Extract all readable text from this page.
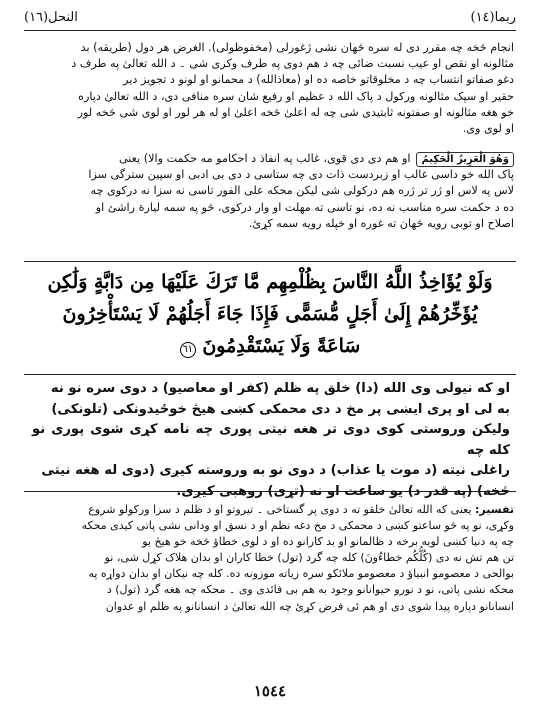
النحل(١٦)	ربما(١٤)
انجام څخه چه مقرر دی له سره څهان نشی ژغورلی (مخفوظولی). الغرض هر دول (طريقه) بد
مثالونه او نقص او عيب نسبت ضائی چه د هم دوی په طرف وکری شی ۔ د الله تعالیٰ په طرف د
دغو صفاتو انتساب چه د مخلوقاتو خاصه ده او (معاذالله) د محمانو او لونو د تجويز دير
حقير او سپک مثالونه ورکول د پاک الله د عظيم او رفيع شان سره منافى دی، د الله تعالیٰ دپاره
خو هغه مثالونه او صفتونه ثابتيدی شی چه له اعلیٰ څخه اعلیٰ او له هر لور او لوی شی څخه لور
او لوی وی.
وَهُوَ الْعَزِيزُ الْحَكِيمُ
او هم دی دی قوی، غالب په انفاذ د احکامو مه حکمت والا) يعنی
پاک الله خو داسی غالب او زبردست ذات دی چه ستاسی د دی بی ادبی او سپين سترگی سزا
لاس په لاس او ژر تر ژره هم درکولی شی ليکن محکه علی الفور تاسی نه سزا نه درکوی چه
ده د حکمت سره مناسب نه ده، نو تاسی ته مهلت او وار درکوی، څو په سمه ليارة راشئ او
اصلاح او توبی رويه څهان ته غوره او خپله رويه سمه کړئ.
وَلَوْ يُؤَاخِذُ اللَّهُ النَّاسَ بِظُلْمِهِم مَّا تَرَكَ عَلَيْهَا مِن دَابَّةٍ وَلَٰكِن
يُؤَخِّرُهُمْ إِلَىٰ أَجَلٍ مُّسَمًّى فَإِذَا جَاءَ أَجَلُهُمْ لَا يَسْتَأْخِرُونَ
سَاعَةً وَلَا يَسْتَقْدِمُونَ ٦١
او که نيولی وی الله (دا) خلق په ظلم (کفر او معاصيو) د دوی سره نو نه
به لی او پری ايښی پر مخ د دی محمکی کښی هيڅ خوځيدونکی (تلونکی)
وليکن وروستی کوی دوی تر هغه نيتی پوری چه نامه کړی شوی پوری نو کله چه
راغلی نيته (د موت يا عذاب) د دوی نو به وروسته کيږی (دوی له هغه نيتی
څخه) (په قدر د) يو ساعت او نه (تړی) روهبی کيږی.
تفسير: يعنی که الله تعالیٰ خلقو ته د دوی پر گستاخی ۔ تيروتو او د ظلم د سزا ورکولو شروع
وکړی، نو په څو ساعتو کښی د محمکی د مخ دغه نظم او د نسق او ودانی نشی پاتی کيدی محکه
چه په دنيا کښی لويه برخه د ظالمانو او بد کارانو ده او د لوی خطاؤ څخه خو هيڅ يو
تن هم تش نه دی (كُلُّكُم خطاءُونَ) کله چه گرد (تول) خطا کاران او بدان هلاک کړل شی، نو
بوالحی د معصومو انبياؤ د معصومو ملائکو سره زياته موزونه ده. کله چه نيکان او بدان دواړه په
محکه نشی پاتی، نو د نورو حيوانانو وجود به هم بی فائدی وی ۔ محکه چه هغه گرد (تول) د
انسانانو دپاره پيدا شوی دی او هم ئی فرض کړئ چه الله تعالیٰ د انسانانو په ظلم او عدوان
١٥٤٤
